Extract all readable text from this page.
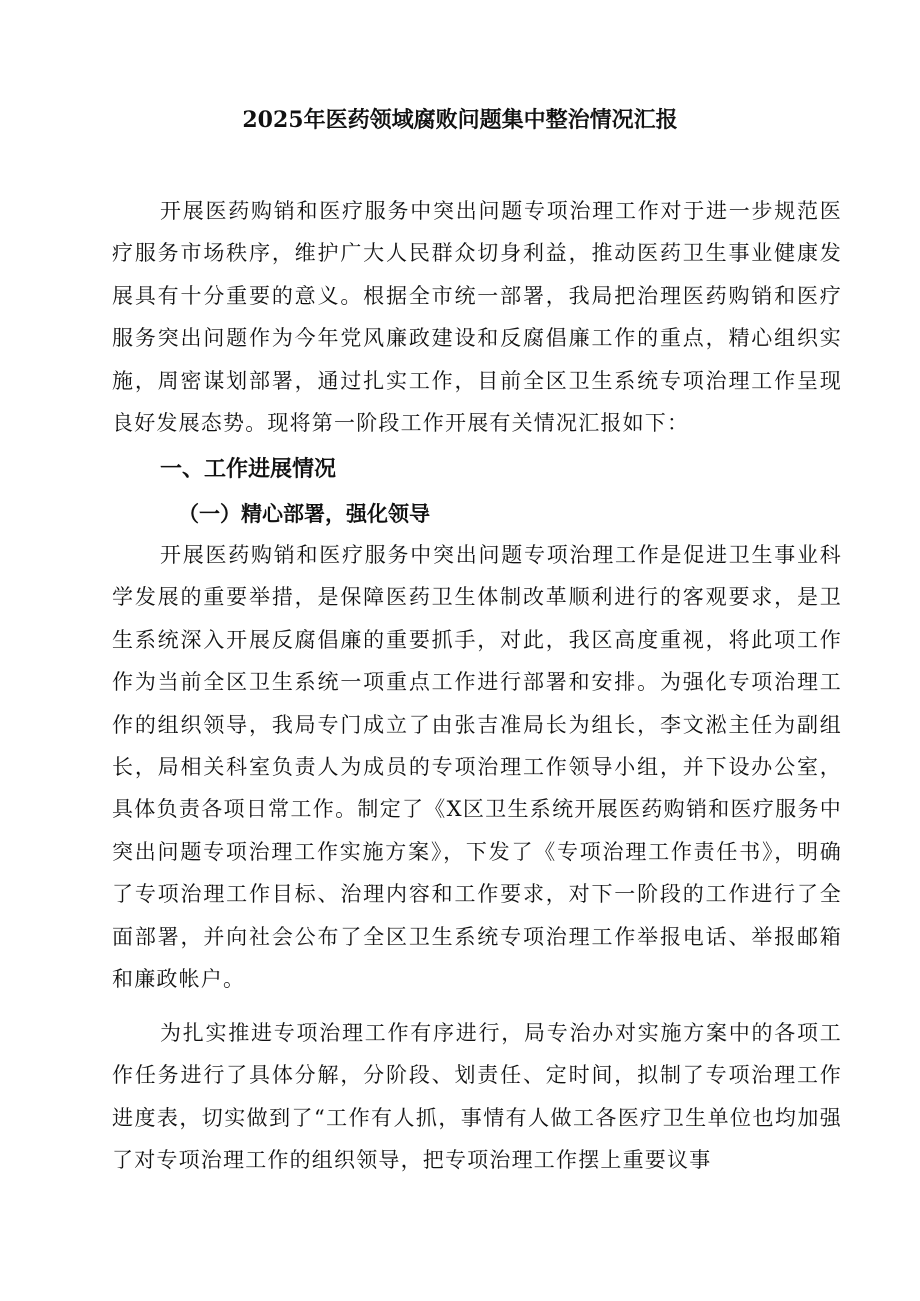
2025年医药领域腐败问题集中整治情况汇报

开展医药购销和医疗服务中突出问题专项治理工作对于进一步规范医疗服务市场秩序，维护广大人民群众切身利益，推动医药卫生事业健康发展具有十分重要的意义。根据全市统一部署，我局把治理医药购销和医疗服务突出问题作为今年党风廉政建设和反腐倡廉工作的重点，精心组织实施，周密谋划部署，通过扎实工作，目前全区卫生系统专项治理工作呈现良好发展态势。现将第一阶段工作开展有关情况汇报如下：

一、工作进展情况
（一）精心部署，强化领导

开展医药购销和医疗服务中突出问题专项治理工作是促进卫生事业科学发展的重要举措，是保障医药卫生体制改革顺利进行的客观要求，是卫生系统深入开展反腐倡廉的重要抓手，对此，我区高度重视，将此项工作作为当前全区卫生系统一项重点工作进行部署和安排。为强化专项治理工作的组织领导，我局专门成立了由张吉准局长为组长，李文淞主任为副组长，局相关科室负责人为成员的专项治理工作领导小组，并下设办公室，具体负责各项日常工作。制定了《X区卫生系统开展医药购销和医疗服务中突出问题专项治理工作实施方案》，下发了《专项治理工作责任书》，明确了专项治理工作目标、治理内容和工作要求，对下一阶段的工作进行了全面部署，并向社会公布了全区卫生系统专项治理工作举报电话、举报邮箱和廉政帐户。

为扎实推进专项治理工作有序进行，局专治办对实施方案中的各项工作任务进行了具体分解，分阶段、划责任、定时间，拟制了专项治理工作进度表，切实做到了“工作有人抓，事情有人做工各医疗卫生单位也均加强了对专项治理工作的组织领导，把专项治理工作摆上重要议事
